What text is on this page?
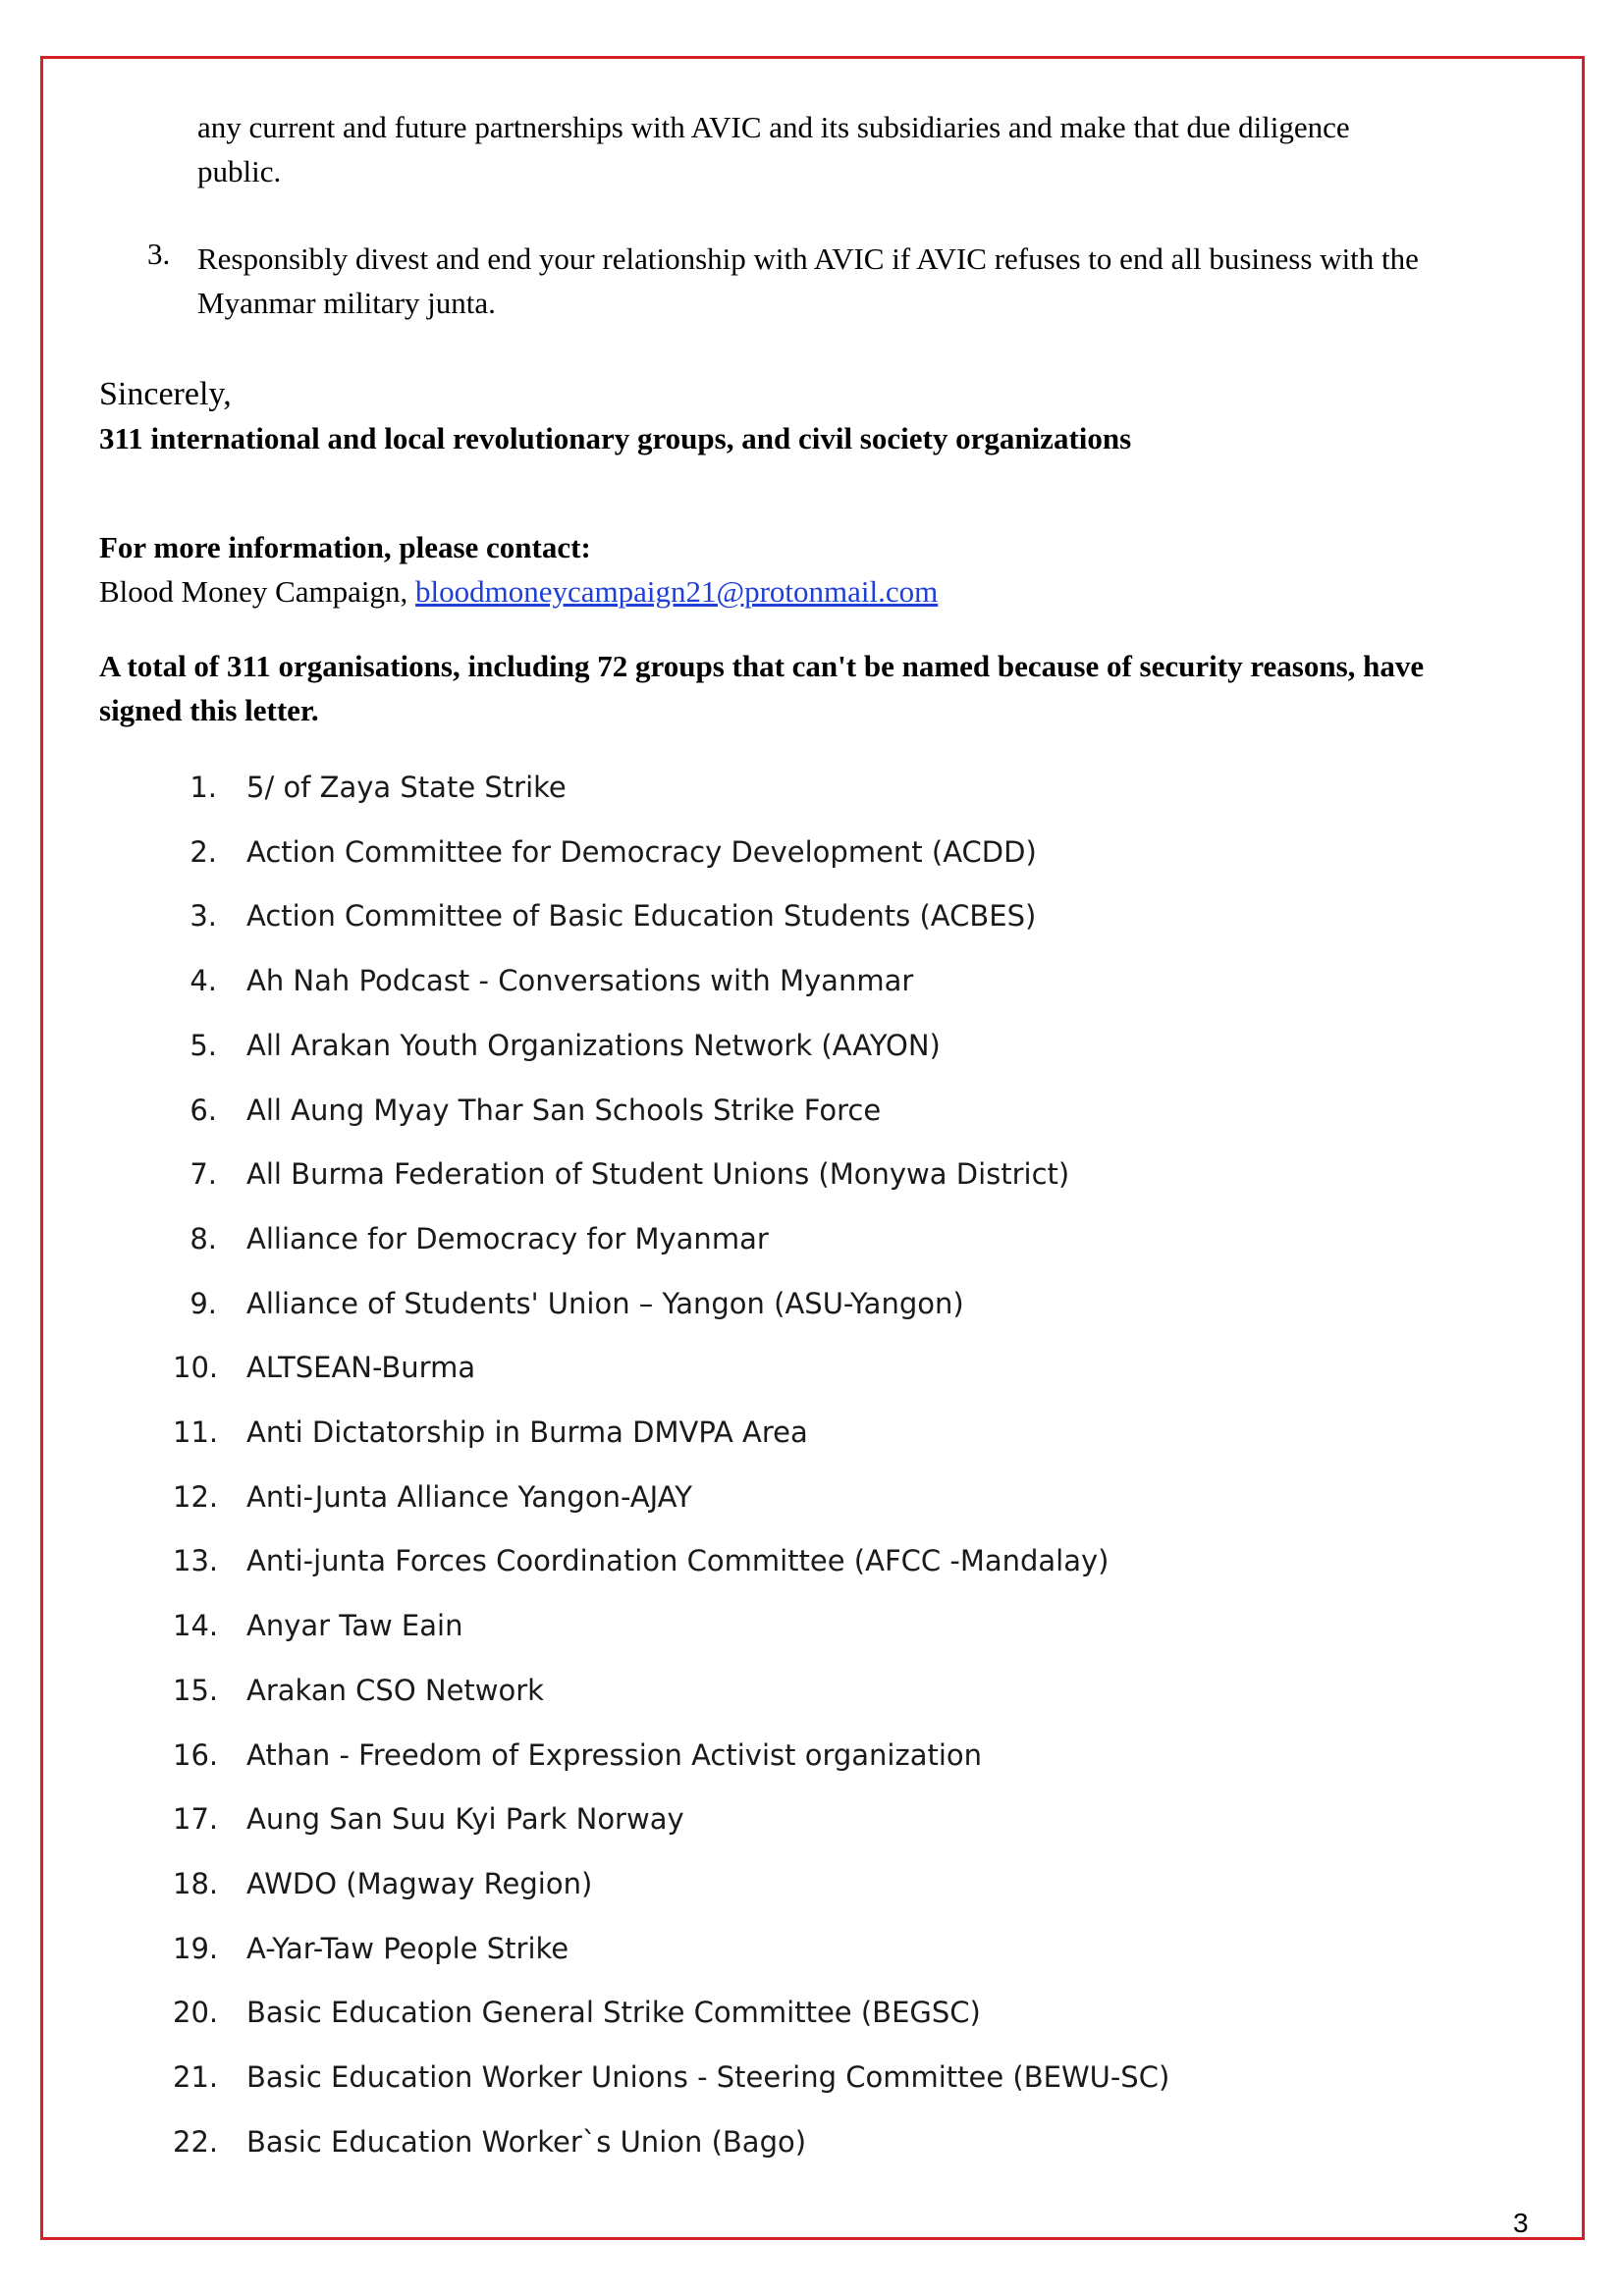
any current and future partnerships with AVIC and its subsidiaries and make that due diligence
public.
3. Responsibly divest and end your relationship with AVIC if AVIC refuses to end all business with the
Myanmar military junta.
Sincerely,
311 international and local revolutionary groups, and civil society organizations
For more information, please contact:
Blood Money Campaign, bloodmoneycampaign21@protonmail.com
A total of 311 organisations, including 72 groups that can't be named because of security reasons, have
signed this letter.
1. 5/ of Zaya State Strike
2. Action Committee for Democracy Development (ACDD)
3. Action Committee of Basic Education Students (ACBES)
4. Ah Nah Podcast - Conversations with Myanmar
5. All Arakan Youth Organizations Network (AAYON)
6. All Aung Myay Thar San Schools Strike Force
7. All Burma Federation of Student Unions (Monywa District)
8. Alliance for Democracy for Myanmar
9. Alliance of Students' Union – Yangon (ASU-Yangon)
10. ALTSEAN-Burma
11. Anti Dictatorship in Burma DMVPA Area
12. Anti-Junta Alliance Yangon-AJAY
13. Anti-junta Forces Coordination Committee (AFCC -Mandalay)
14. Anyar Taw Eain
15. Arakan CSO Network
16. Athan - Freedom of Expression Activist organization
17. Aung San Suu Kyi Park Norway
18. AWDO (Magway Region)
19. A-Yar-Taw People Strike
20. Basic Education General Strike Committee (BEGSC)
21. Basic Education Worker Unions - Steering Committee (BEWU-SC)
22. Basic Education Worker`s Union (Bago)
3
